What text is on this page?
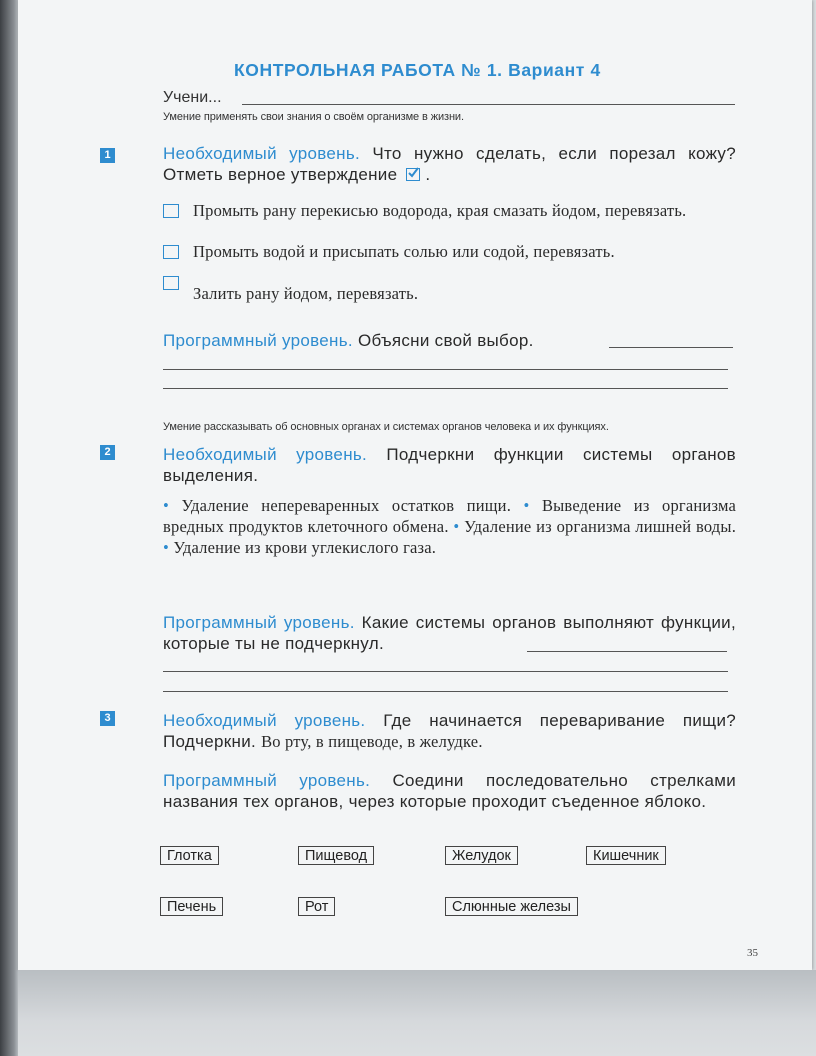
КОНТРОЛЬНАЯ РАБОТА № 1. Вариант 4
Учени...
Умение применять свои знания о своём организме в жизни.
1	Необходимый уровень. Что нужно сделать, если порезал кожу? Отметь верное утверждение .
Промыть рану перекисью водорода, края смазать йодом, перевязать.
Промыть водой и присыпать солью или содой, перевязать.
Залить рану йодом, перевязать.
Программный уровень. Объясни свой выбор.
Умение рассказывать об основных органах и системах органов человека и их функциях.
2	Необходимый уровень. Подчеркни функции системы органов выделения.
• Удаление непереваренных остатков пищи. • Выведение из организма вредных продуктов клеточного обмена. • Удаление из организма лишней воды. • Удаление из крови углекислого газа.
Программный уровень. Какие системы органов выполняют функции, которые ты не подчеркнул.
3	Необходимый уровень. Где начинается переваривание пищи? Подчеркни. Во рту, в пищеводе, в желудке.
Программный уровень. Соедини последовательно стрелками названия тех органов, через которые проходит съеденное яблоко.
Глотка	Пищевод	Желудок	Кишечник
Печень	Рот	Слюнные железы
35
